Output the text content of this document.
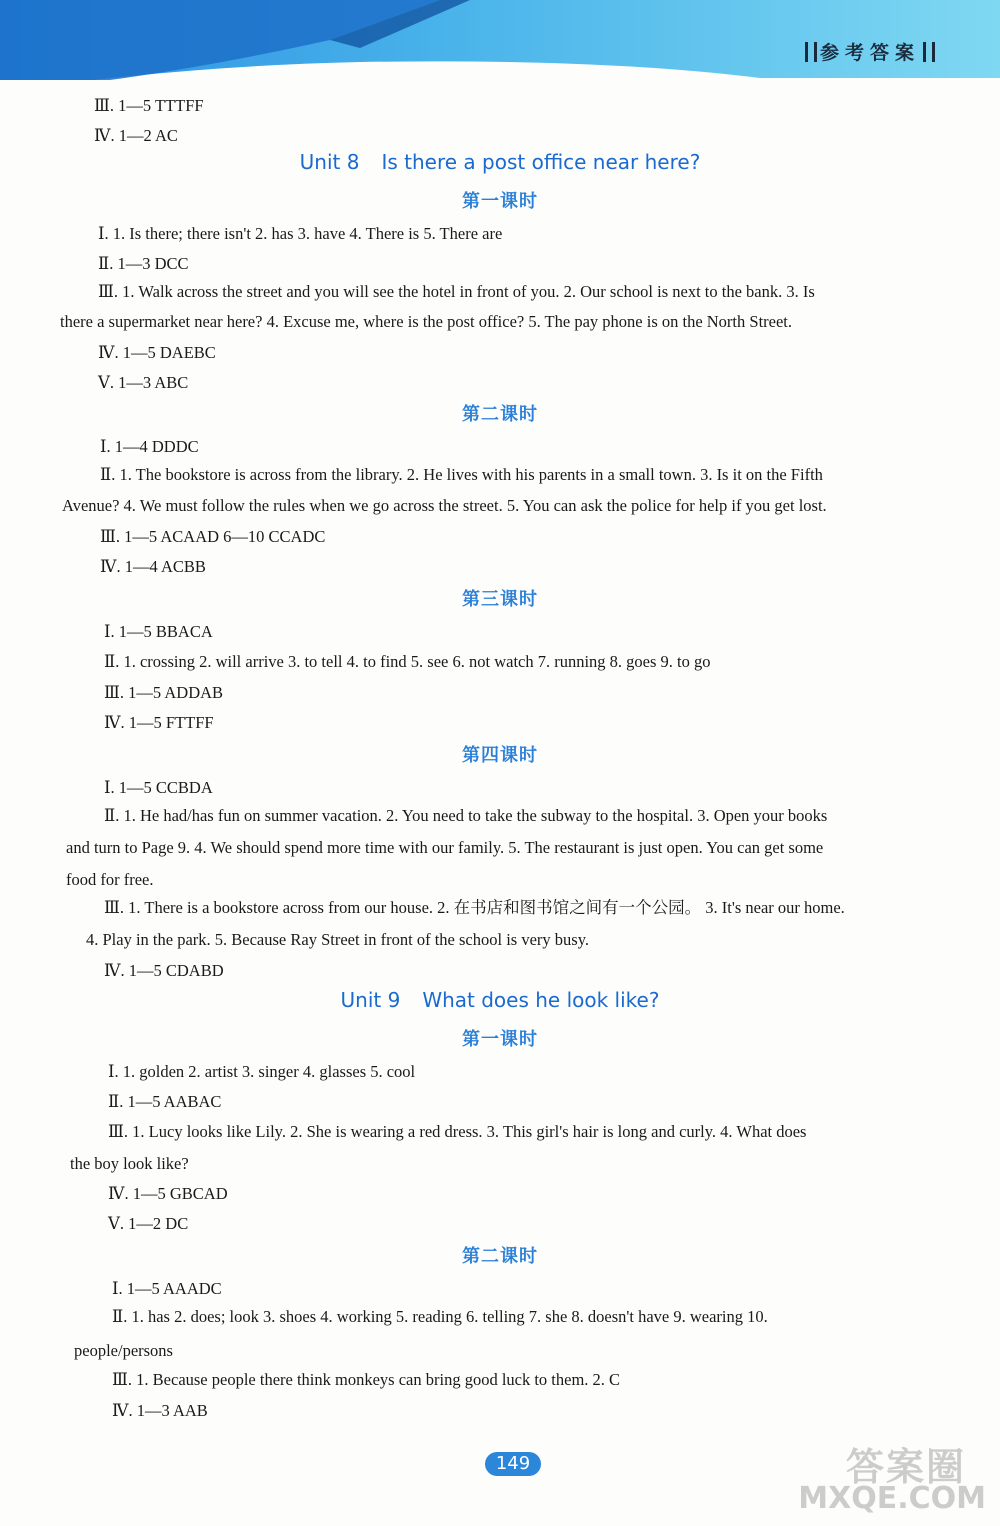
参考答案
Ⅲ. 1—5 TTTFF
Ⅳ. 1—2 AC
Unit 8 Is there a post office near here?
第一课时
Ⅰ. 1. Is there; there isn't 2. has 3. have 4. There is 5. There are
Ⅱ. 1—3 DCC
Ⅲ. 1. Walk across the street and you will see the hotel in front of you. 2. Our school is next to the bank. 3. Is
there a supermarket near here? 4. Excuse me, where is the post office? 5. The pay phone is on the North Street.
Ⅳ. 1—5 DAEBC
Ⅴ. 1—3 ABC
第二课时
Ⅰ. 1—4 DDDC
Ⅱ. 1. The bookstore is across from the library. 2. He lives with his parents in a small town. 3. Is it on the Fifth
Avenue? 4. We must follow the rules when we go across the street. 5. You can ask the police for help if you get lost.
Ⅲ. 1—5 ACAAD 6—10 CCADC
Ⅳ. 1—4 ACBB
第三课时
Ⅰ. 1—5 BBACA
Ⅱ. 1. crossing 2. will arrive 3. to tell 4. to find 5. see 6. not watch 7. running 8. goes 9. to go
Ⅲ. 1—5 ADDAB
Ⅳ. 1—5 FTTFF
第四课时
Ⅰ. 1—5 CCBDA
Ⅱ. 1. He had/has fun on summer vacation. 2. You need to take the subway to the hospital. 3. Open your books
and turn to Page 9. 4. We should spend more time with our family. 5. The restaurant is just open. You can get some
food for free.
Ⅲ. 1. There is a bookstore across from our house. 2. 在书店和图书馆之间有一个公园。 3. It's near our home.
4. Play in the park. 5. Because Ray Street in front of the school is very busy.
Ⅳ. 1—5 CDABD
Unit 9 What does he look like?
第一课时
Ⅰ. 1. golden 2. artist 3. singer 4. glasses 5. cool
Ⅱ. 1—5 AABAC
Ⅲ. 1. Lucy looks like Lily. 2. She is wearing a red dress. 3. This girl's hair is long and curly. 4. What does
the boy look like?
Ⅳ. 1—5 GBCAD
Ⅴ. 1—2 DC
第二课时
Ⅰ. 1—5 AAADC
Ⅱ. 1. has 2. does; look 3. shoes 4. working 5. reading 6. telling 7. she 8. doesn't have 9. wearing 10.
people/persons
Ⅲ. 1. Because people there think monkeys can bring good luck to them. 2. C
Ⅳ. 1—3 AAB
149	答案圈
MXQE.COM
